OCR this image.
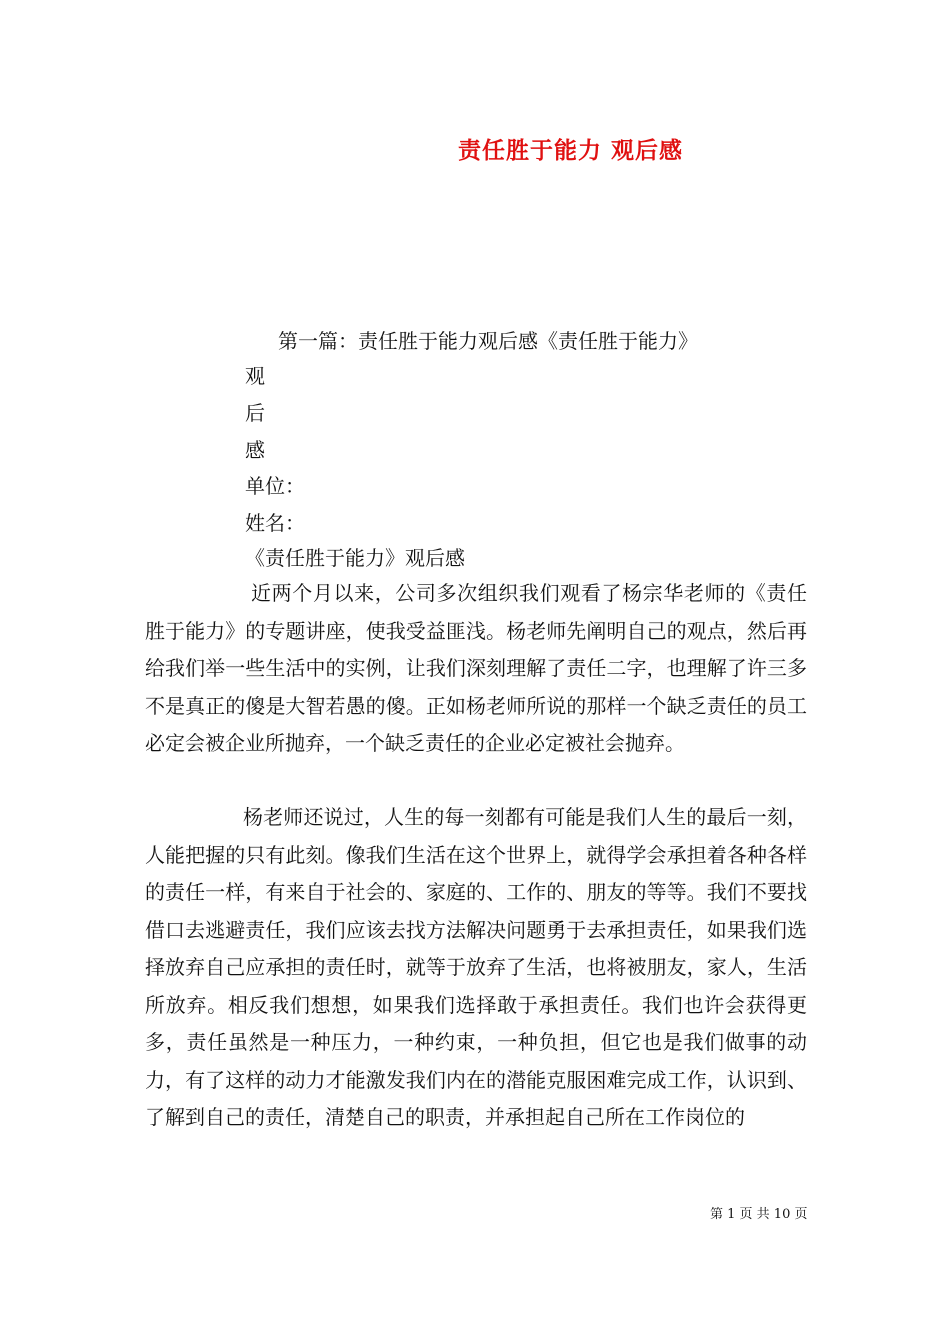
责任胜于能力 观后感
第一篇：责任胜于能力观后感《责任胜于能力》
观
后
感
单位：
姓名：
《责任胜于能力》观后感
近两个月以来，公司多次组织我们观看了杨宗华老师的《责任胜于能力》的专题讲座，使我受益匪浅。杨老师先阐明自己的观点，然后再给我们举一些生活中的实例，让我们深刻理解了责任二字，也理解了许三多不是真正的傻是大智若愚的傻。正如杨老师所说的那样一个缺乏责任的员工必定会被企业所抛弃，一个缺乏责任的企业必定被社会抛弃。
杨老师还说过，人生的每一刻都有可能是我们人生的最后一刻，人能把握的只有此刻。像我们生活在这个世界上，就得学会承担着各种各样的责任一样，有来自于社会的、家庭的、工作的、朋友的等等。我们不要找借口去逃避责任，我们应该去找方法解决问题勇于去承担责任，如果我们选择放弃自己应承担的责任时，就等于放弃了生活，也将被朋友，家人，生活所放弃。相反我们想想，如果我们选择敢于承担责任。我们也许会获得更多，责任虽然是一种压力，一种约束，一种负担，但它也是我们做事的动力，有了这样的动力才能激发我们内在的潜能克服困难完成工作，认识到、了解到自己的责任，清楚自己的职责，并承担起自己所在工作岗位的
第 1 页 共 10 页
